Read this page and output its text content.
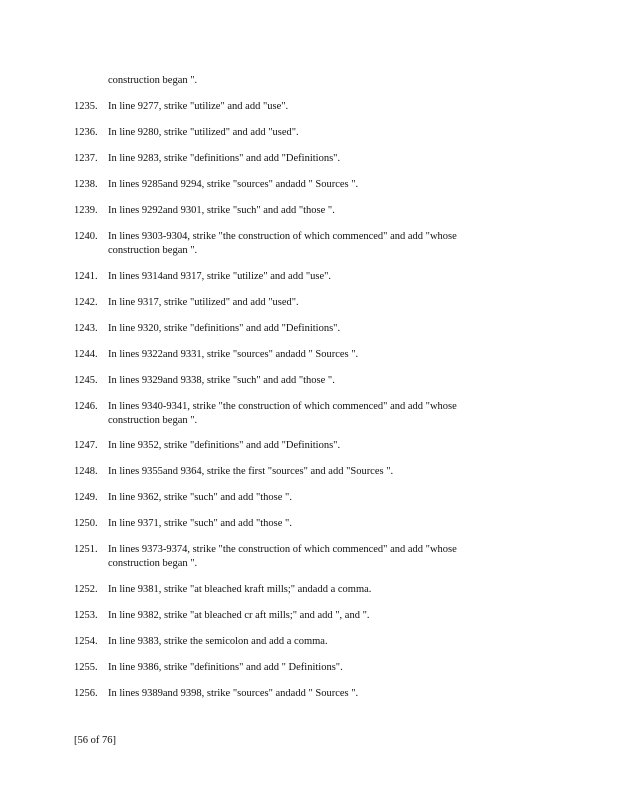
construction began ".
1235. In line 9277, strike "utilize" and add "use".
1236. In line 9280, strike "utilized" and add "used".
1237. In line 9283, strike "definitions" and add "Definitions".
1238. In lines 9285and 9294, strike "sources" andadd " Sources ".
1239. In lines 9292and 9301, strike "such" and add "those ".
1240. In lines 9303-9304, strike "the construction of which commenced" and add "whose
construction began ".
1241. In lines 9314and 9317, strike "utilize" and add "use".
1242. In line 9317, strike "utilized" and add "used".
1243. In line 9320, strike "definitions" and add "Definitions".
1244. In lines 9322and 9331, strike "sources" andadd " Sources ".
1245. In lines 9329and 9338, strike "such" and add "those ".
1246. In lines 9340-9341, strike "the construction of which commenced" and add "whose
construction began ".
1247. In line 9352, strike "definitions" and add "Definitions".
1248. In lines 9355and 9364, strike the first "sources" and add "Sources ".
1249. In line 9362, strike "such" and add "those ".
1250. In line 9371, strike "such" and add "those ".
1251. In lines 9373-9374, strike "the construction of which commenced" and add "whose
construction began ".
1252. In line 9381, strike "at bleached kraft mills;" andadd a comma.
1253. In line 9382, strike "at bleached cr aft mills;" and add ", and ".
1254. In line 9383, strike the semicolon and add a comma.
1255. In line 9386, strike "definitions" and add " Definitions".
1256. In lines 9389and 9398, strike "sources" andadd " Sources ".
[56 of 76]
